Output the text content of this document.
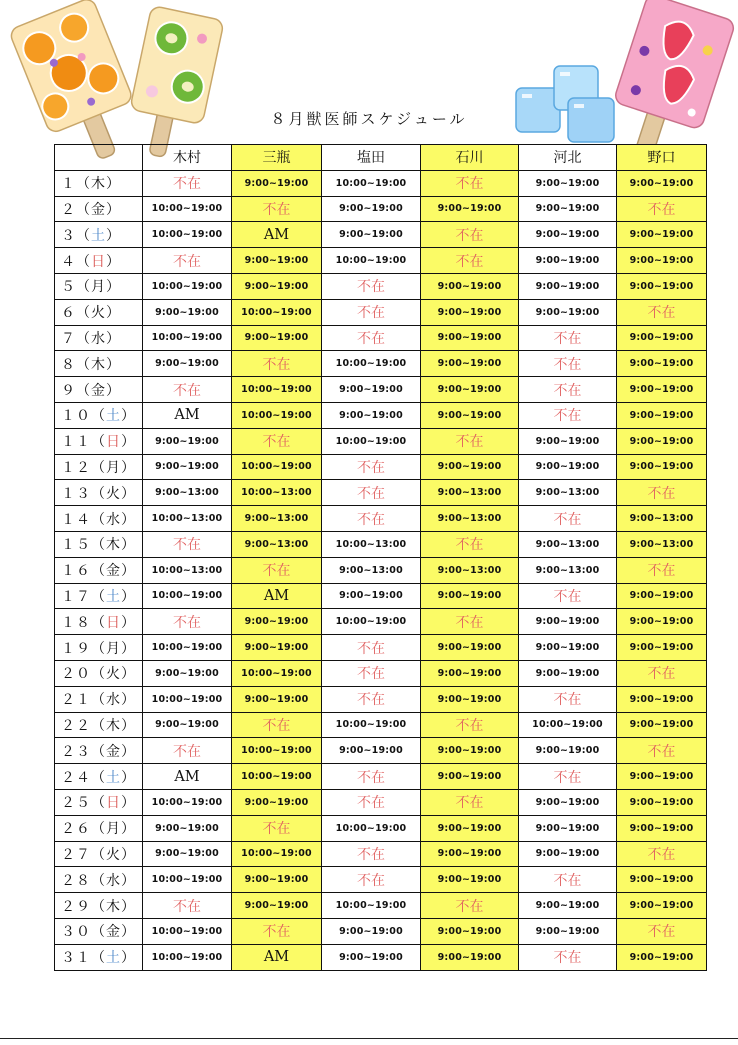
８月獣医師スケジュール
	木村	三瓶	塩田	石川	河北	野口
１（木）	不在	9:00~19:00	10:00~19:00	不在	9:00~19:00	9:00~19:00
２（金）	10:00~19:00	不在	9:00~19:00	9:00~19:00	9:00~19:00	不在
３（土）	10:00~19:00	AM	9:00~19:00	不在	9:00~19:00	9:00~19:00
４（日）	不在	9:00~19:00	10:00~19:00	不在	9:00~19:00	9:00~19:00
５（月）	10:00~19:00	9:00~19:00	不在	9:00~19:00	9:00~19:00	9:00~19:00
６（火）	9:00~19:00	10:00~19:00	不在	9:00~19:00	9:00~19:00	不在
７（水）	10:00~19:00	9:00~19:00	不在	9:00~19:00	不在	9:00~19:00
８（木）	9:00~19:00	不在	10:00~19:00	9:00~19:00	不在	9:00~19:00
９（金）	不在	10:00~19:00	9:00~19:00	9:00~19:00	不在	9:00~19:00
１０（土）	AM	10:00~19:00	9:00~19:00	9:00~19:00	不在	9:00~19:00
１１（日）	9:00~19:00	不在	10:00~19:00	不在	9:00~19:00	9:00~19:00
１２（月）	9:00~19:00	10:00~19:00	不在	9:00~19:00	9:00~19:00	9:00~19:00
１３（火）	9:00~13:00	10:00~13:00	不在	9:00~13:00	9:00~13:00	不在
１４（水）	10:00~13:00	9:00~13:00	不在	9:00~13:00	不在	9:00~13:00
１５（木）	不在	9:00~13:00	10:00~13:00	不在	9:00~13:00	9:00~13:00
１６（金）	10:00~13:00	不在	9:00~13:00	9:00~13:00	9:00~13:00	不在
１７（土）	10:00~19:00	AM	9:00~19:00	9:00~19:00	不在	9:00~19:00
１８（日）	不在	9:00~19:00	10:00~19:00	不在	9:00~19:00	9:00~19:00
１９（月）	10:00~19:00	9:00~19:00	不在	9:00~19:00	9:00~19:00	9:00~19:00
２０（火）	9:00~19:00	10:00~19:00	不在	9:00~19:00	9:00~19:00	不在
２１（水）	10:00~19:00	9:00~19:00	不在	9:00~19:00	不在	9:00~19:00
２２（木）	9:00~19:00	不在	10:00~19:00	不在	10:00~19:00	9:00~19:00
２３（金）	不在	10:00~19:00	9:00~19:00	9:00~19:00	9:00~19:00	不在
２４（土）	AM	10:00~19:00	不在	9:00~19:00	不在	9:00~19:00
２５（日）	10:00~19:00	9:00~19:00	不在	不在	9:00~19:00	9:00~19:00
２６（月）	9:00~19:00	不在	10:00~19:00	9:00~19:00	9:00~19:00	9:00~19:00
２７（火）	9:00~19:00	10:00~19:00	不在	9:00~19:00	9:00~19:00	不在
２８（水）	10:00~19:00	9:00~19:00	不在	9:00~19:00	不在	9:00~19:00
２９（木）	不在	9:00~19:00	10:00~19:00	不在	9:00~19:00	9:00~19:00
３０（金）	10:00~19:00	不在	9:00~19:00	9:00~19:00	9:00~19:00	不在
３１（土）	10:00~19:00	AM	9:00~19:00	9:00~19:00	不在	9:00~19:00
